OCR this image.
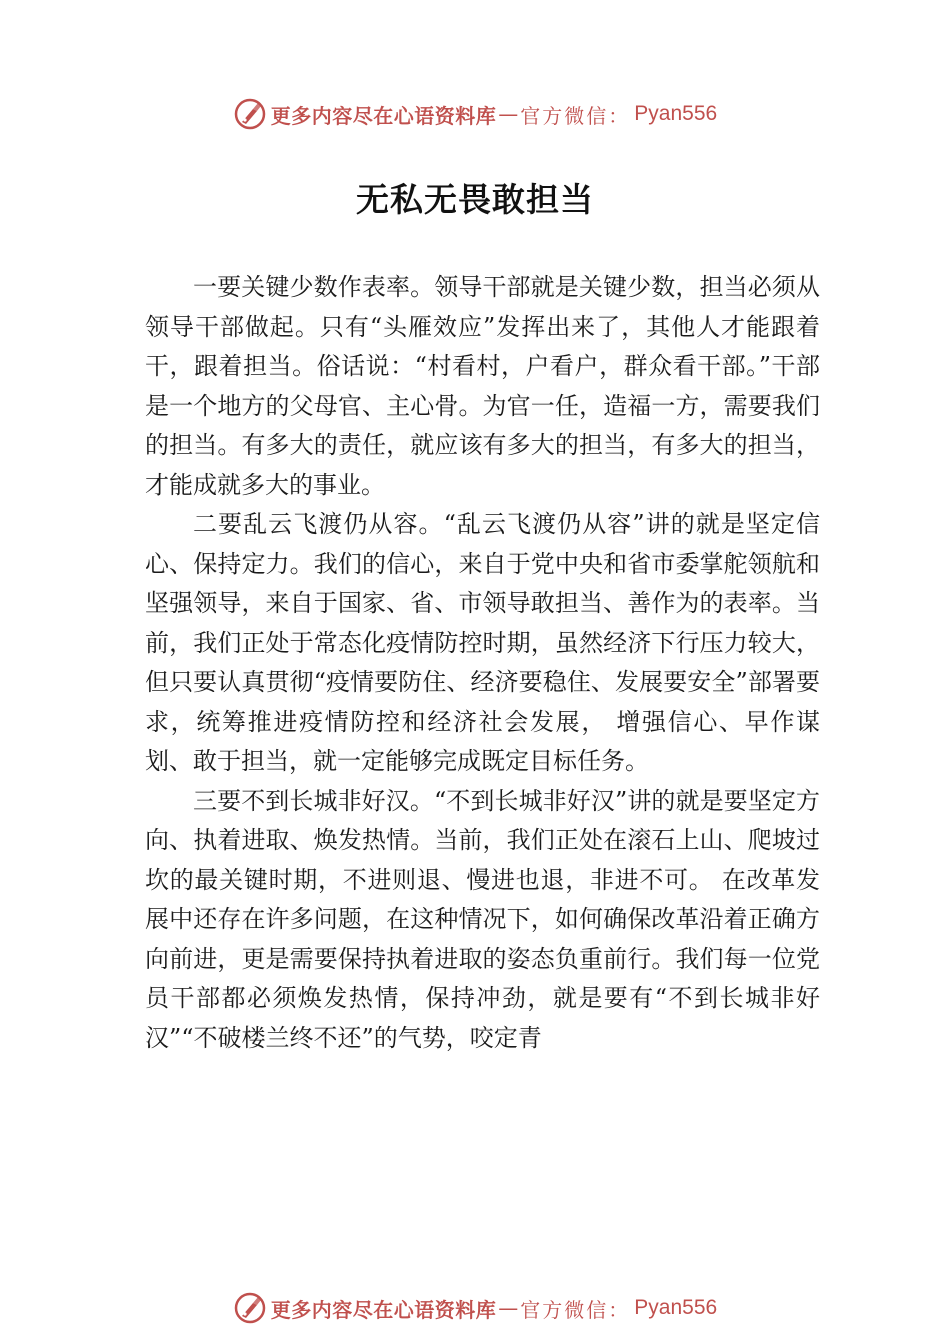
更多内容尽在心语资料库 — 官方微信： Pyan556
无私无畏敢担当

一要关键少数作表率。领导干部就是关键少数，担当必须从领导干部做起。只有“头雁效应”发挥出来了，其他人才能跟着干，跟着担当。俗话说：“村看村，户看户，群众看干部。”干部是一个地方的父母官、主心骨。为官一任，造福一方，需要我们的担当。有多大的责任，就应该有多大的担当，有多大的担当，才能成就多大的事业。

二要乱云飞渡仍从容。“乱云飞渡仍从容”讲的就是坚定信心、保持定力。我们的信心，来自于党中央和省市委掌舵领航和坚强领导，来自于国家、省、市领导敢担当、善作为的表率。当前，我们正处于常态化疫情防控时期，虽然经济下行压力较大，但只要认真贯彻“疫情要防住、经济要稳住、发展要安全”部署要求，统筹推进疫情防控和经济社会发展， 增强信心、早作谋划、敢于担当，就一定能够完成既定目标任务。

三要不到长城非好汉。“不到长城非好汉”讲的就是要坚定方向、执着进取、焕发热情。当前，我们正处在滚石上山、爬坡过坎的最关键时期，不进则退、慢进也退，非进不可。 在改革发展中还存在许多问题，在这种情况下，如何确保改革沿着正确方向前进，更是需要保持执着进取的姿态负重前行。我们每一位党员干部都必须焕发热情，保持冲劲，就是要有“不到长城非好汉”“不破楼兰终不还”的气势，咬定青

更多内容尽在心语资料库 — 官方微信： Pyan556
